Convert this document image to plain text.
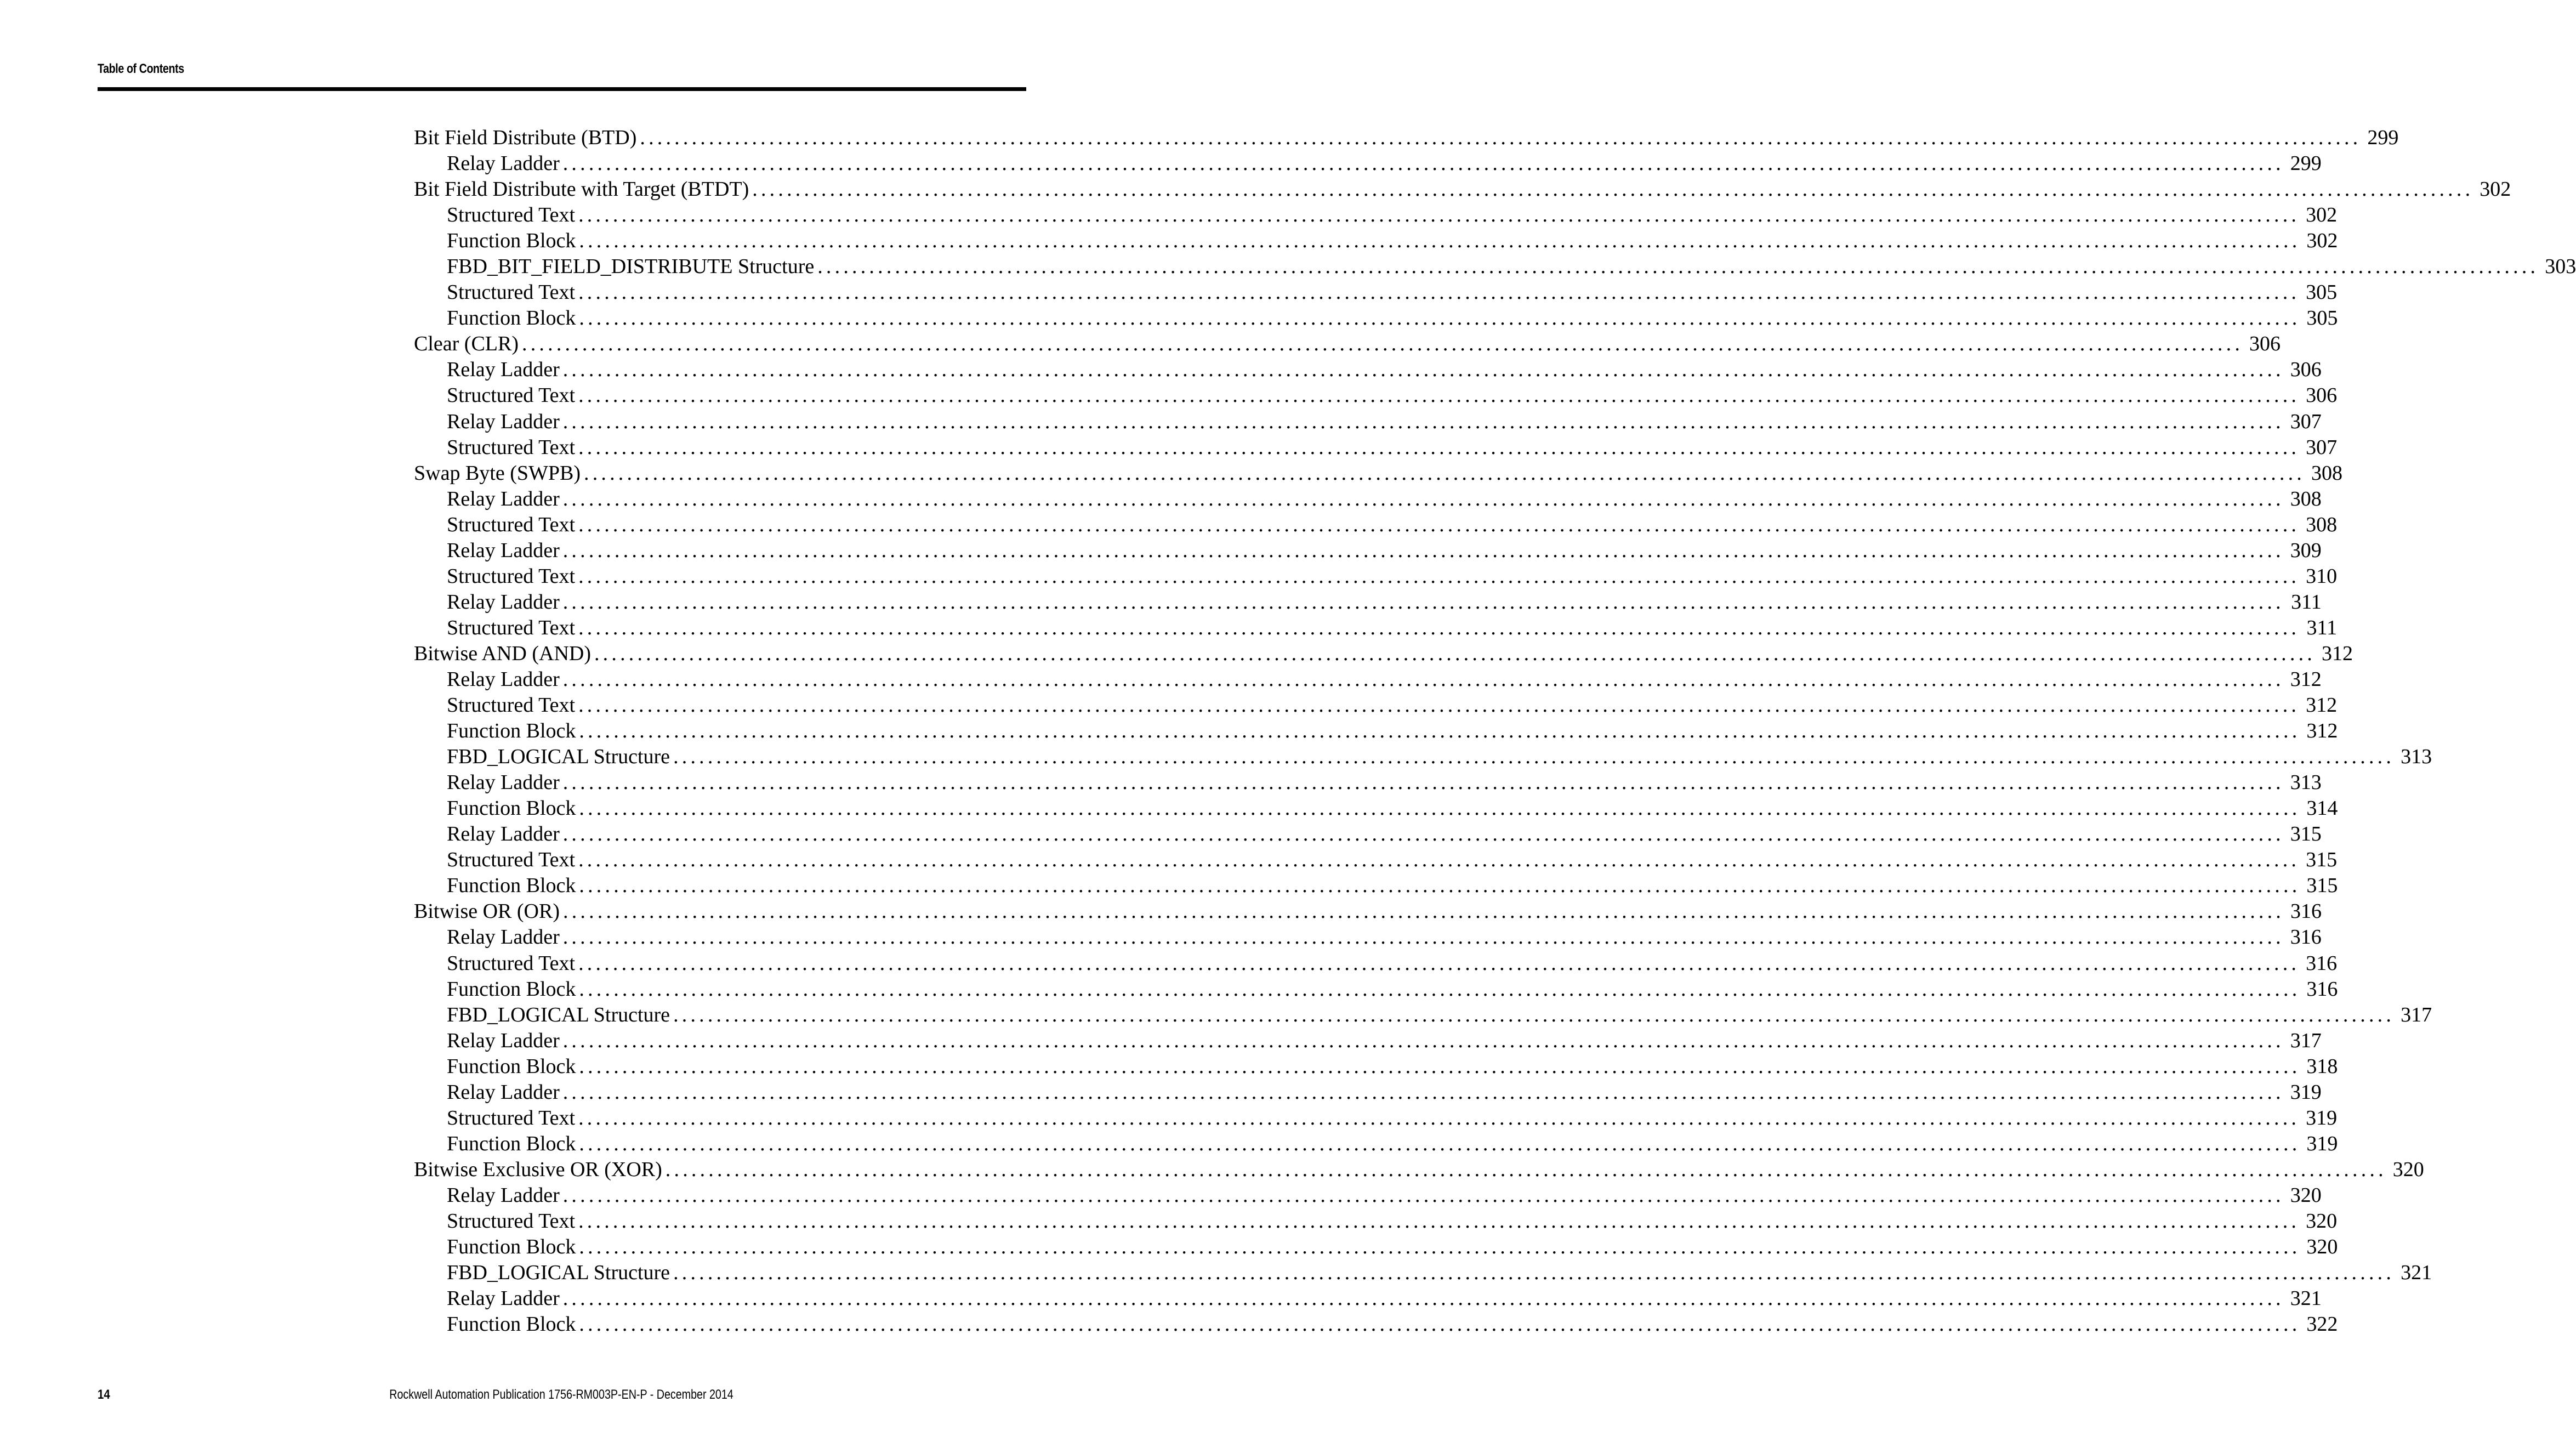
Table of Contents
Bit Field Distribute (BTD) ........................................................................................................................................................................................................ 299
Relay Ladder ........................................................................................................................................................................................................ 299
Bit Field Distribute with Target (BTDT) ........................................................................................................................................................................................................ 302
Structured Text ........................................................................................................................................................................................................ 302
Function Block ........................................................................................................................................................................................................ 302
FBD_BIT_FIELD_DISTRIBUTE Structure ........................................................................................................................................................................................................ 303
Structured Text ........................................................................................................................................................................................................ 305
Function Block ........................................................................................................................................................................................................ 305
Clear (CLR) ........................................................................................................................................................................................................ 306
Relay Ladder ........................................................................................................................................................................................................ 306
Structured Text ........................................................................................................................................................................................................ 306
Relay Ladder ........................................................................................................................................................................................................ 307
Structured Text ........................................................................................................................................................................................................ 307
Swap Byte (SWPB) ........................................................................................................................................................................................................ 308
Relay Ladder ........................................................................................................................................................................................................ 308
Structured Text ........................................................................................................................................................................................................ 308
Relay Ladder ........................................................................................................................................................................................................ 309
Structured Text ........................................................................................................................................................................................................ 310
Relay Ladder ........................................................................................................................................................................................................ 311
Structured Text ........................................................................................................................................................................................................ 311
Bitwise AND (AND) ........................................................................................................................................................................................................ 312
Relay Ladder ........................................................................................................................................................................................................ 312
Structured Text ........................................................................................................................................................................................................ 312
Function Block ........................................................................................................................................................................................................ 312
FBD_LOGICAL Structure ........................................................................................................................................................................................................ 313
Relay Ladder ........................................................................................................................................................................................................ 313
Function Block ........................................................................................................................................................................................................ 314
Relay Ladder ........................................................................................................................................................................................................ 315
Structured Text ........................................................................................................................................................................................................ 315
Function Block ........................................................................................................................................................................................................ 315
Bitwise OR (OR) ........................................................................................................................................................................................................ 316
Relay Ladder ........................................................................................................................................................................................................ 316
Structured Text ........................................................................................................................................................................................................ 316
Function Block ........................................................................................................................................................................................................ 316
FBD_LOGICAL Structure ........................................................................................................................................................................................................ 317
Relay Ladder ........................................................................................................................................................................................................ 317
Function Block ........................................................................................................................................................................................................ 318
Relay Ladder ........................................................................................................................................................................................................ 319
Structured Text ........................................................................................................................................................................................................ 319
Function Block ........................................................................................................................................................................................................ 319
Bitwise Exclusive OR (XOR) ........................................................................................................................................................................................................ 320
Relay Ladder ........................................................................................................................................................................................................ 320
Structured Text ........................................................................................................................................................................................................ 320
Function Block ........................................................................................................................................................................................................ 320
FBD_LOGICAL Structure ........................................................................................................................................................................................................ 321
Relay Ladder ........................................................................................................................................................................................................ 321
Function Block ........................................................................................................................................................................................................ 322
14	Rockwell Automation Publication 1756-RM003P-EN-P - December 2014
